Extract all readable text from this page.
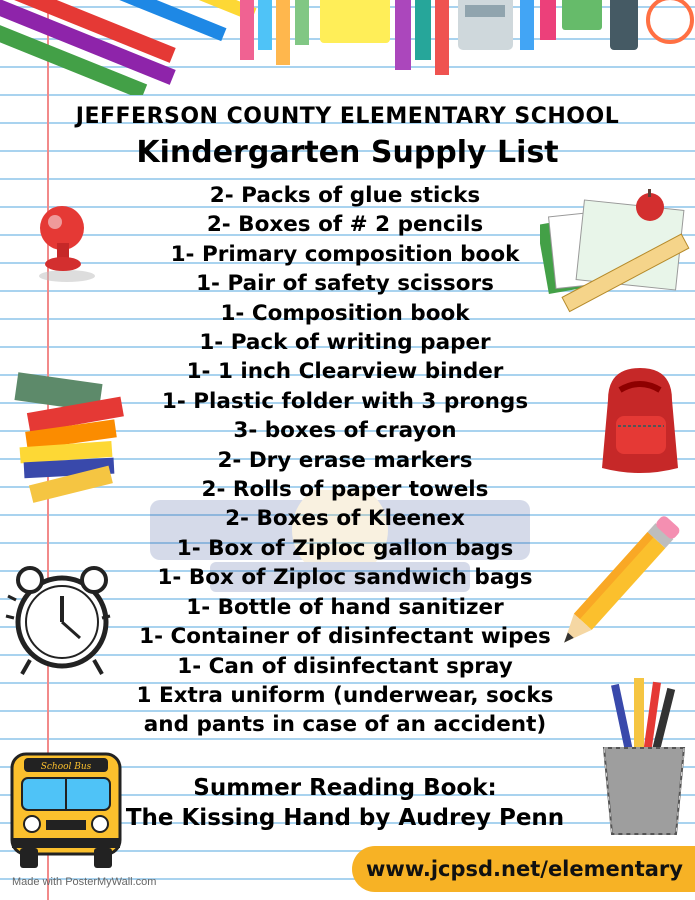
School Bus
JEFFERSON COUNTY ELEMENTARY SCHOOL
Kindergarten Supply List
2- Packs of glue sticks
2- Boxes of # 2 pencils
1- Primary composition book
1- Pair of safety scissors
1- Composition book
1- Pack of writing paper
1- 1 inch Clearview binder
1- Plastic folder with 3 prongs
3- boxes of crayon
2- Dry erase markers
2- Rolls of paper towels
2- Boxes of Kleenex
1- Box of Ziploc gallon bags
1- Box of Ziploc sandwich bags
1- Bottle of hand sanitizer
1- Container of disinfectant wipes
1- Can of disinfectant spray
1 Extra uniform (underwear, socks
and pants in case of an accident)
Summer Reading Book:
The Kissing Hand by Audrey Penn
www.jcpsd.net/elementary
Made with PosterMyWall.com
